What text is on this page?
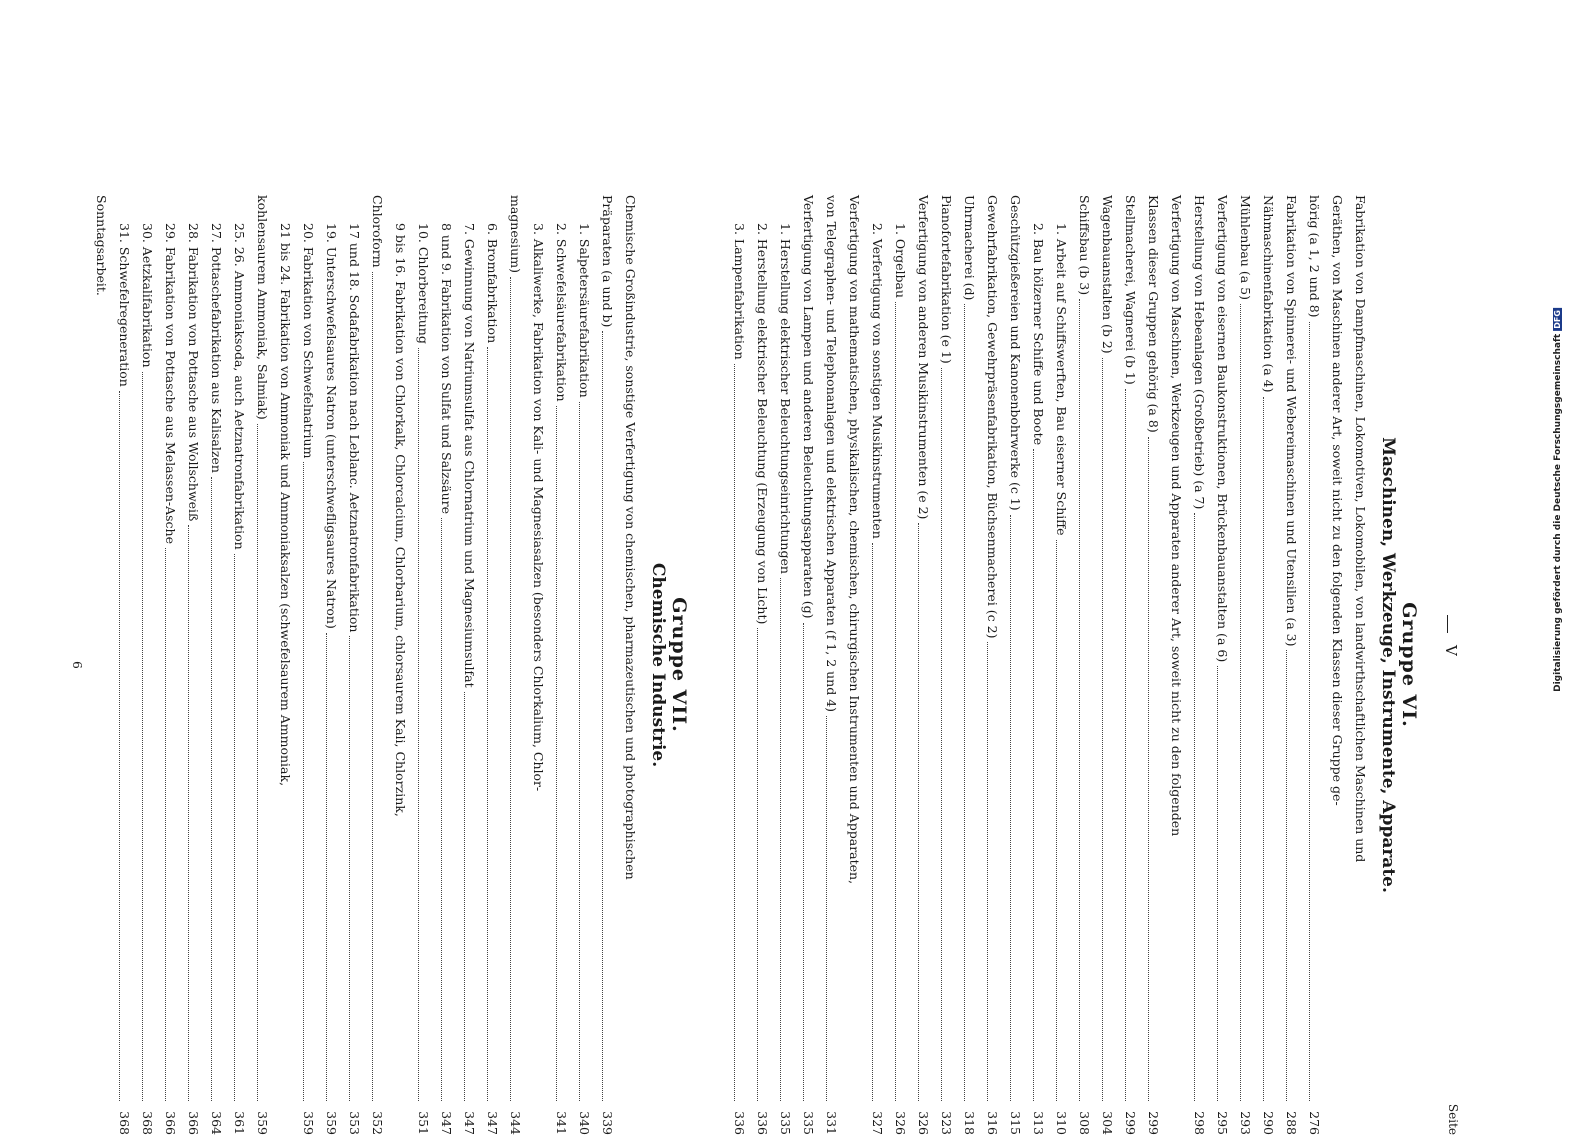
V
Seite
Gruppe VI.
Maschinen, Werkzeuge, Instrumente, Apparate.
Fabrikation von Dampfmaschinen, Lokomotiven, Lokomobilen, von landwirthschaftlichen Maschinen und
Geräthen, von Maschinen anderer Art, soweit nicht zu den folgenden Klassen dieser Gruppe ge-
hörig (a 1, 2 und 8)
276
Fabrikation von Spinnerei- und Webereimaschinen und Utensilien (a 3)
288
Nähmaschinenfabrikation (a 4)
290
Mühlenbau (a 5)
293
Verfertigung von eisernen Baukonstruktionen, Brückenbauanstalten (a 6)
295
Herstellung von Hebeanlagen (Großbetrieb) (a 7)
298
Verfertigung von Maschinen, Werkzeugen und Apparaten anderer Art, soweit nicht zu den folgenden
Klassen dieser Gruppen gehörig (a 8)
299
Stellmacherei, Wagnerei (b 1)
299
Wagenbauanstalten (b 2)
304
Schiffsbau (b 3)
308
1. Arbeit auf Schiffswerften, Bau eiserner Schiffe
310
2. Bau hölzerner Schiffe und Boote
313
Geschützgießereien und Kanonenbohrwerke (c 1)
315
Gewehrfabrikation, Gewehrpräsenfabrikation, Büchsenmacherei (c 2)
316
Uhrmacherei (d)
318
Pianofortefabrikation (e 1)
323
Verfertigung von anderen Musikinstrumenten (e 2)
326
1. Orgelbau
326
2. Verfertigung von sonstigen Musikinstrumenten
327
Verfertigung von mathematischen, physikalischen, chemischen, chirurgischen Instrumenten und Apparaten,
von Telegraphen- und Telephonanlagen und elektrischen Apparaten (f 1, 2 und 4)
331
Verfertigung von Lampen und anderen Beleuchtungsapparaten (g)
335
1. Herstellung elektrischer Beleuchtungseinrichtungen
335
2. Herstellung elektrischer Beleuchtung (Erzeugung von Licht)
336
3. Lampenfabrikation
336
Gruppe VII.
Chemische Industrie.
Chemische Großindustrie, sonstige Verfertigung von chemischen, pharmazeutischen und photographischen
Präparaten (a und b)
339
1. Salpetersäurefabrikation
340
2. Schwefelsäurefabrikation
341
3. Alkaliwerke, Fabrikation von Kali- und Magnesiasalzen (besonders Chlorkalium, Chlor-
magnesium)
344
6. Bromfabrikation
347
7. Gewinnung von Natriumsulfat aus Chlornatrium und Magnesiumsulfat
347
8 und 9. Fabrikation von Sulfat und Salzsäure
347
10. Chlorbereitung
351
9 bis 16. Fabrikation von Chlorkalk, Chlorcalcium, Chlorbarium, chlorsaurem Kali, Chlorzink,
Chloroform
352
17 und 18. Sodafabrikation nach Leblanc. Aetznatronfabrikation
353
19. Unterschwefelsaures Natron (unterschwefligsaures Natron)
359
20. Fabrikation von Schwefelnatrium
359
21 bis 24. Fabrikation von Ammoniak und Ammoniaksalzen (schwefelsaurem Ammoniak,
kohlensaurem Ammoniak, Salmiak)
359
25. 26. Ammoniaksoda, auch Aetznatronfabrikation
361
27. Pottaschefabrikation aus Kalisalzen
364
28. Fabrikation von Pottasche aus Wollschweiß
366
29. Fabrikation von Pottasche aus Melassen-Asche
366
30. Aetzkalifabrikation
368
31. Schwefelregeneration
368
Sonntagsarbeit.
6	Digitalisierung gefördert durch die Deutsche ForschungsgemeinschaftDFG
